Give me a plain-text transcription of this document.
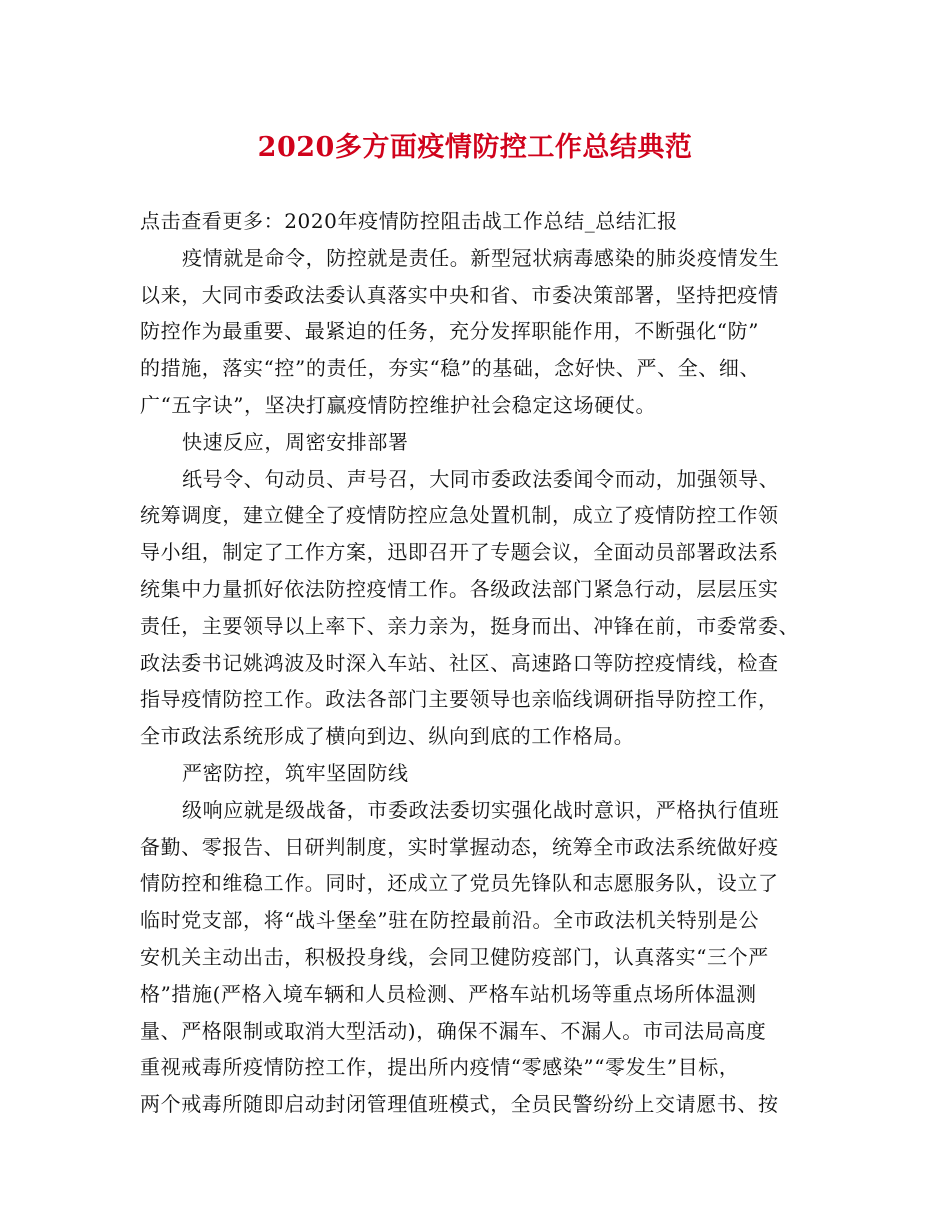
2020多方面疫情防控工作总结典范
点击查看更多：2020年疫情防控阻击战工作总结_总结汇报
疫情就是命令，防控就是责任。新型冠状病毒感染的肺炎疫情发生
以来，大同市委政法委认真落实中央和省、市委决策部署，坚持把疫情
防控作为最重要、最紧迫的任务，充分发挥职能作用，不断强化“防”
的措施，落实“控”的责任，夯实“稳”的基础，念好快、严、全、细、
广“五字诀”，坚决打赢疫情防控维护社会稳定这场硬仗。
快速反应，周密安排部署
纸号令、句动员、声号召，大同市委政法委闻令而动，加强领导、
统筹调度，建立健全了疫情防控应急处置机制，成立了疫情防控工作领
导小组，制定了工作方案，迅即召开了专题会议，全面动员部署政法系
统集中力量抓好依法防控疫情工作。各级政法部门紧急行动，层层压实
责任，主要领导以上率下、亲力亲为，挺身而出、冲锋在前，市委常委、
政法委书记姚鸿波及时深入车站、社区、高速路口等防控疫情线，检查
指导疫情防控工作。政法各部门主要领导也亲临线调研指导防控工作，
全市政法系统形成了横向到边、纵向到底的工作格局。
严密防控，筑牢坚固防线
级响应就是级战备，市委政法委切实强化战时意识，严格执行值班
备勤、零报告、日研判制度，实时掌握动态，统筹全市政法系统做好疫
情防控和维稳工作。同时，还成立了党员先锋队和志愿服务队，设立了
临时党支部，将“战斗堡垒”驻在防控最前沿。全市政法机关特别是公
安机关主动出击，积极投身线，会同卫健防疫部门，认真落实“三个严
格”措施(严格入境车辆和人员检测、严格车站机场等重点场所体温测
量、严格限制或取消大型活动)，确保不漏车、不漏人。市司法局高度
重视戒毒所疫情防控工作，提出所内疫情“零感染”“零发生”目标，
两个戒毒所随即启动封闭管理值班模式，全员民警纷纷上交请愿书、按
